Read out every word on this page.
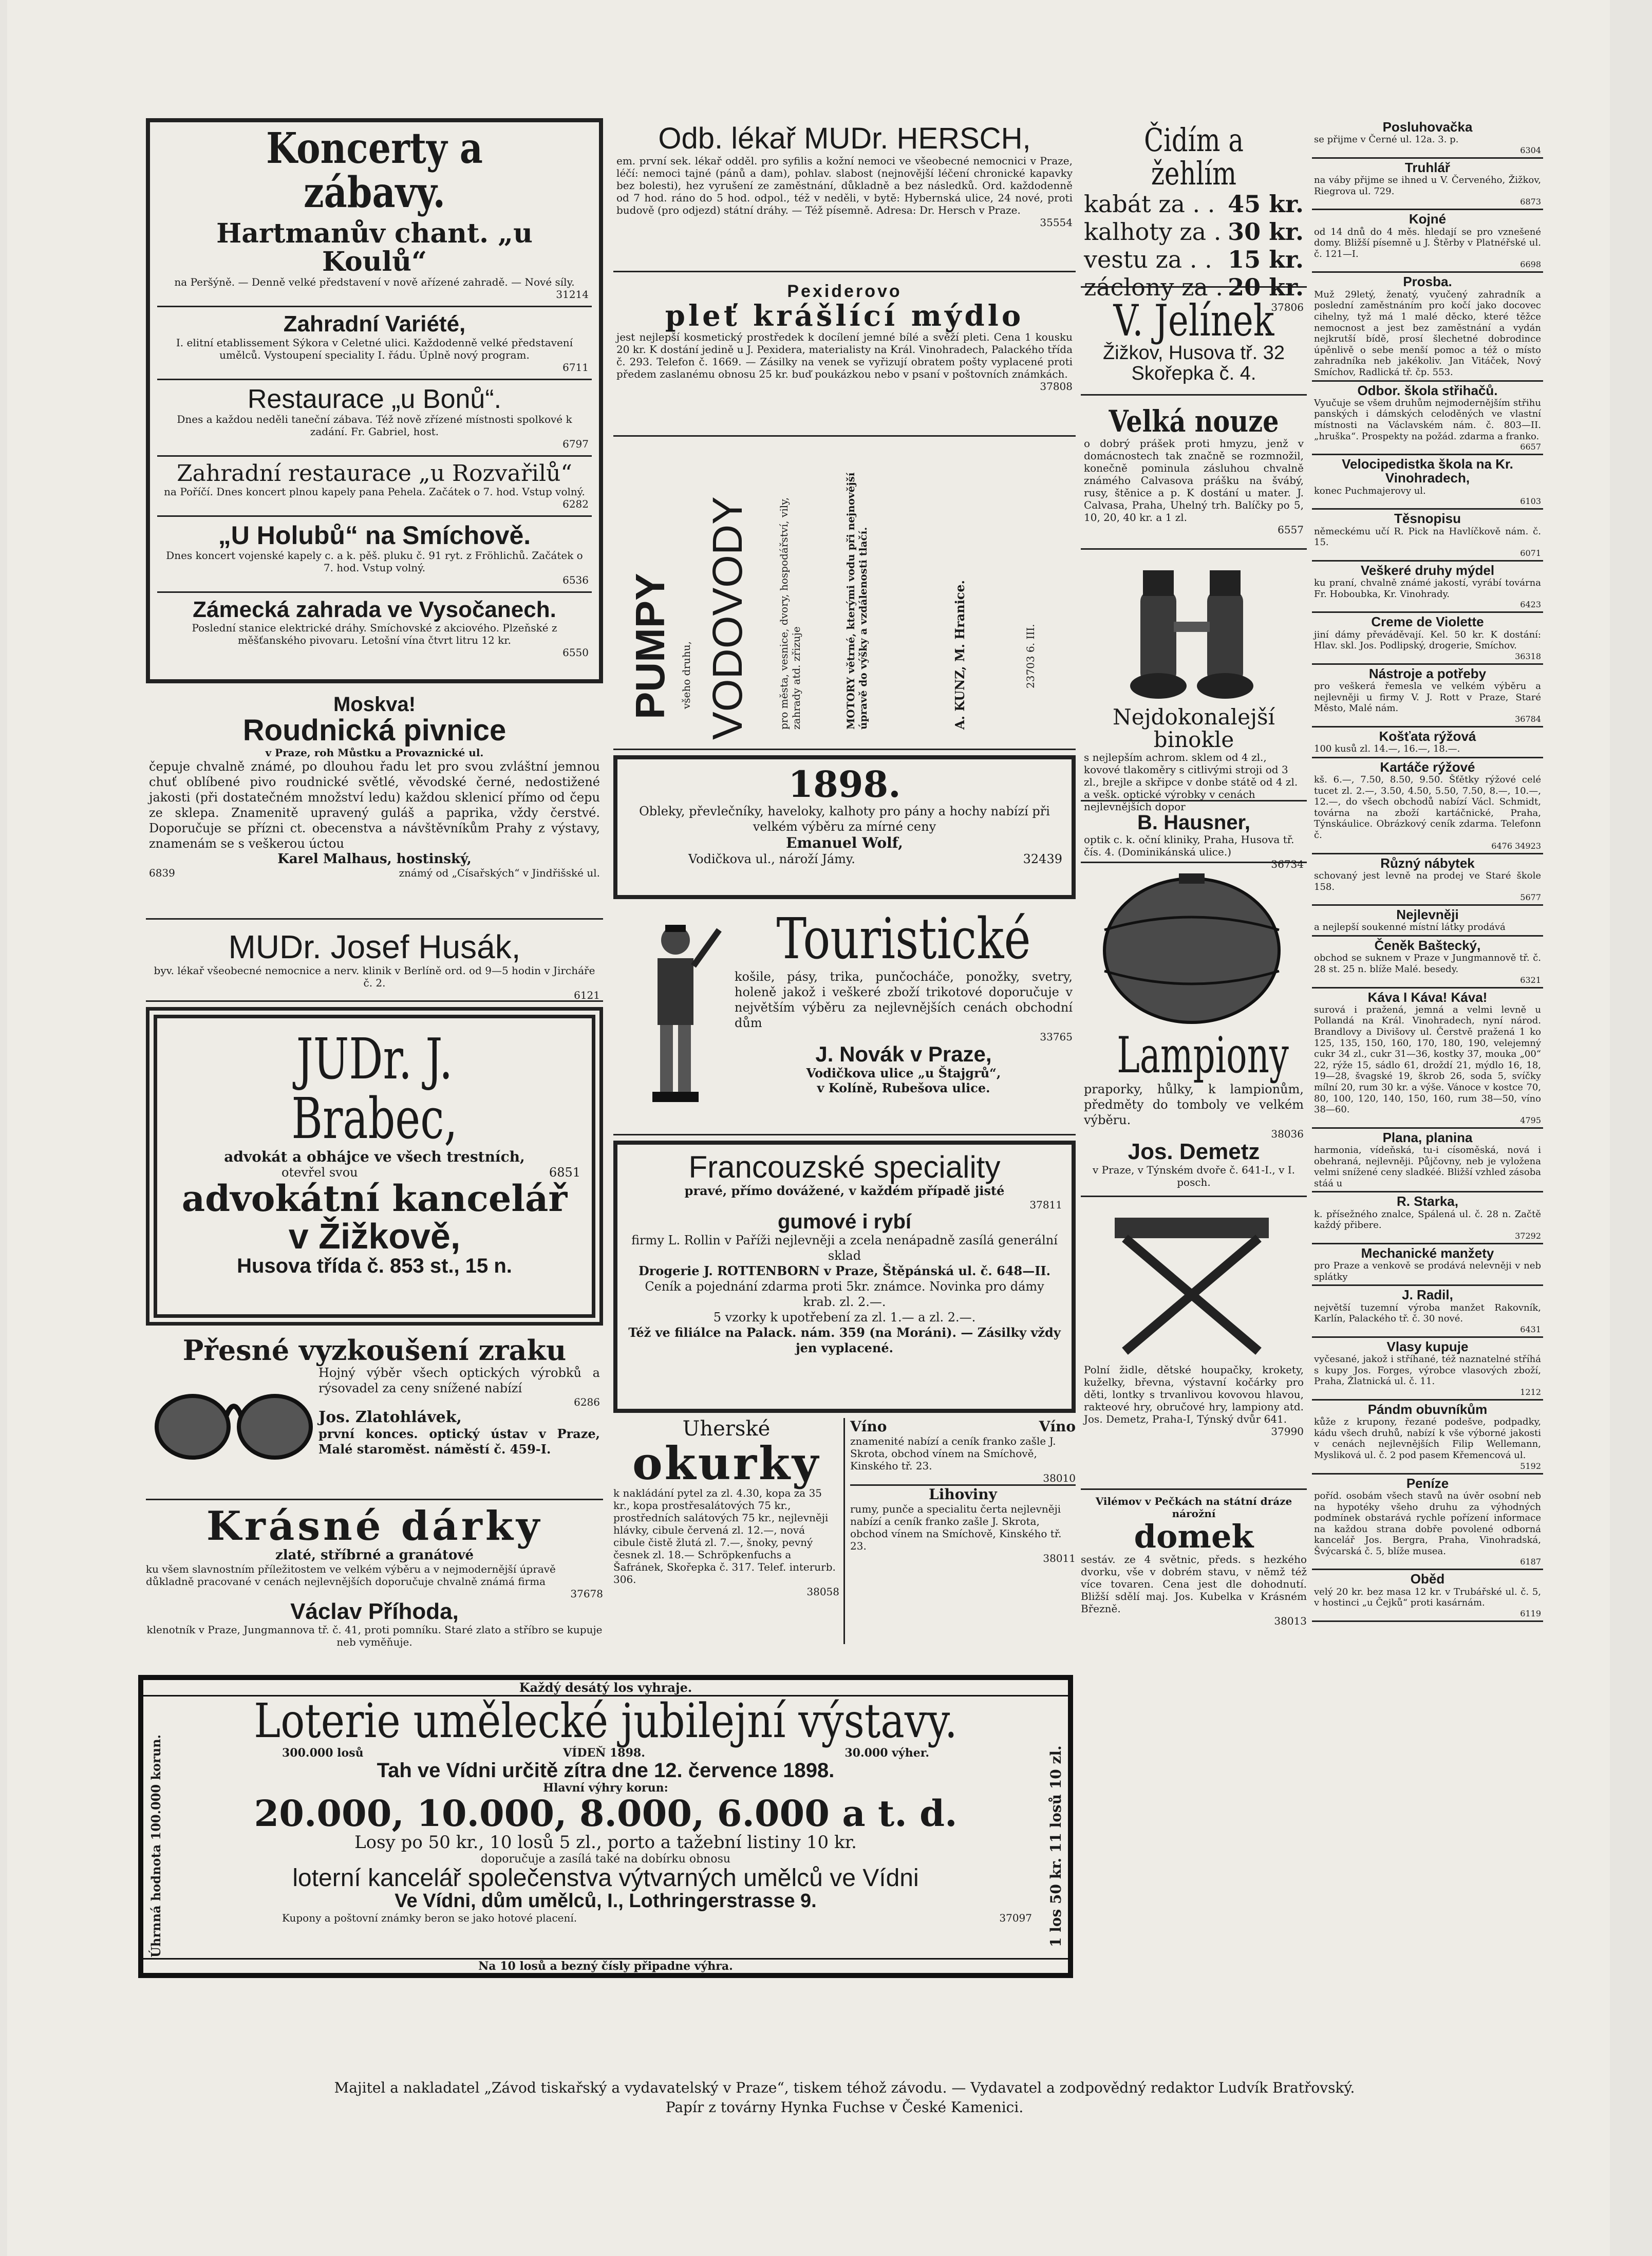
Koncerty a zábavy.
Hartmanův chant. „u Koulů“
na Peršýně. — Denně velké představení v nově ařízené zahradě. — Nové síly.
31214
Zahradní Variété,
I. elitní etablissement Sýkora v Celetné ulici. Každodenně velké představení umělců. Vystoupení speciality I. řádu. Úplně nový program.
6711
Restaurace „u Bonů“.
Dnes a každou neděli taneční zábava. Též nově zřízené místnosti spolkové k zadání. Fr. Gabriel, host.
6797
Zahradní restaurace „u Rozvařilů“
na Poříčí. Dnes koncert plnou kapely pana Pehela. Začátek o 7. hod. Vstup volný.
6282
„U Holubů“ na Smíchově.
Dnes koncert vojenské kapely c. a k. pěš. pluku č. 91 ryt. z Fröhlichů. Začátek o 7. hod. Vstup volný.
6536
Zámecká zahrada ve Vysočanech.
Poslední stanice elektrické dráhy. Smíchovské z akciového. Plzeňské z měšťanského pivovaru. Letošní vína čtvrt litru 12 kr.
6550
Moskva!
Roudnická pivnice
v Praze, roh Můstku a Provaznické ul.
čepuje chvalně známé, po dlouhou řadu let pro svou zvláštní jemnou chuť oblíbené pivo roudnické světlé, věvodské černé, nedostižené jakosti (při dostatečném množství ledu) každou sklenicí přímo od čepu ze sklepa. Znamenitě upravený guláš a paprika, vždy čerstvé. Doporučuje se přízni ct. obecenstva a návštěvníkům Prahy z výstavy, znamenám se s veškerou úctou
Karel Malhaus, hostinský,
6839	známý od „Císařských“ v Jindřišské ul.
MUDr. Josef Husák,
byv. lékař všeobecné nemocnice a nerv. klinik v Berlíně ord. od 9—5 hodin v Jircháře č. 2.
6121
JUDr. J. Brabec,
advokát a obhájce ve všech trestních,
otevřel svou	6851
advokátní kancelář
v Žižkově,
Husova třída č. 853 st., 15 n.
Přesné vyzkoušení zraku
Hojný výběr všech optických výrobků a rýsovadel za ceny snížené nabízí
6286
Jos. Zlatohlávek,
první konces. optický ústav v Praze, Malé staroměst. náměstí č. 459-I.
Krásné dárky
zlaté, stříbrné a granátové
ku všem slavnostním příležitostem ve velkém výběru a v nejmodernější úpravě důkladně pracované v cenách nejlevnějších doporučuje chvalně známá firma
37678
Václav Příhoda,
klenotník v Praze, Jungmannova tř. č. 41, proti pomníku. Staré zlato a stříbro se kupuje neb vyměňuje.
Odb. lékař MUDr. HERSCH,
em. první sek. lékař odděl. pro syfilis a kožní nemoci ve všeobecné nemocnici v Praze, léčí: nemoci tajné (pánů a dam), pohlav. slabost (nejnovější léčení chronické kapavky bez bolesti), hez vyrušení ze zaměstnání, důkladně a bez následků. Ord. každodenně od 7 hod. ráno do 5 hod. odpol., též v neděli, v bytě: Hybernská ulice, 24 nové, proti budově (pro odjezd) státní dráhy. — Též písemně. Adresa: Dr. Hersch v Praze.
35554
Pexiderovo
pleť krášlící mýdlo
jest nejlepší kosmetický prostředek k docílení jemné bílé a svěží pleti. Cena 1 kousku 20 kr. K dostání jedině u J. Pexidera, materialisty na Král. Vinohradech, Palackého třída č. 293. Telefon č. 1669. — Zásilky na venek se vyřizují obratem pošty vyplacené proti předem zaslanému obnosu 25 kr. buď poukázkou nebo v psaní v poštovních známkách.
37808
PUMPY všeho druhu, VODOVODY	pro města, vesnice, dvory, hospodářství, vily, zahrady atd. zřizuje	MOTORY větrné, kterými vodu při nejnovější úpravě do výšky a vzdálenosti tlačí.	A. KUNZ, M. Hranice.	23703 6. III.
1898.
Obleky, převlečníky, haveloky, kalhoty pro pány a hochy nabízí při velkém výběru za mírné ceny
Emanuel Wolf,
Vodičkova ul., nároží Jámy.	32439
Touristické
košile, pásy, trika, punčocháče, ponožky, svetry, holeně jakož i veškeré zboží trikotové doporučuje v největším výběru za nejlevnějších cenách obchodní dům
33765
J. Novák v Praze,
Vodičkova ulice „u Štajgrů“,
v Kolíně, Rubešova ulice.
Francouzské speciality
pravé, přímo dovážené, v každém případě jisté
37811
gumové i rybí
firmy L. Rollin v Paříži nejlevněji a zcela nenápadně zasílá generální sklad
Drogerie J. ROTTENBORN v Praze, Štěpánská ul. č. 648—II.
Ceník a pojednání zdarma proti 5kr. známce. Novinka pro dámy krab. zl. 2.—.
5 vzorky k upotřebení za zl. 1.— a zl. 2.—.
Též ve filiálce na Palack. nám. 359 (na Moráni). — Zásilky vždy jen vyplacené.
Uherské
okurky
k nakládání pytel za zl. 4.30, kopa za 35 kr., kopa prostřesalátových 75 kr., prostředních salátových 75 kr., nejlevněji hlávky, cibule červená zl. 12.—, nová cibule čistě žlutá zl. 7.—, šnoky, pevný česnek zl. 18.— Schröpkenfuchs a Šafránek, Skořepka č. 317. Telef. interurb. 306.
38058
Víno	Víno
znamenité nabízí a ceník franko zašle J. Skrota, obchod vínem na Smíchově, Kinského tř. 23.
38010
Lihoviny
rumy, punče a specialitu čerta nejlevněji nabízí a ceník franko zašle J. Skrota, obchod vínem na Smíchově, Kinského tř. 23.
38011
Čidím a žehlím
kabát za . . 45 kr.
kalhoty za . 30 kr.
vestu za . . 15 kr.
záclony za . 20 kr.
37806
V. Jelínek
Žižkov, Husova tř. 32
Skořepka č. 4.
Velká nouze
o dobrý prášek proti hmyzu, jenž v domácnostech tak značně se rozmnožil, konečně pominula zásluhou chvalně známého Calvasova prášku na švábý, rusy, štěnice a p. K dostání u mater. J. Calvasa, Praha, Uhelný trh. Balíčky po 5, 10, 20, 40 kr. a 1 zl.
6557
Nejdokonalejší binokle
s nejlepším achrom. sklem od 4 zl., kovové tlakoměry s citlivými stroji od 3 zl., brejle a skřipce v donbe státě od 4 zl. a vešk. optické výrobky v cenách nejlevnějších dopor
B. Hausner,
optik c. k. oční kliniky, Praha, Husova tř. čís. 4. (Dominikánská ulice.)
36734
Lampiony
praporky, hůlky, k lampionům, předměty do tomboly ve velkém výběru.
38036
Jos. Demetz
v Praze, v Týnském dvoře č. 641-I., v I. posch.
Polní židle, dětské houpačky, krokety, kuželky, břevna, výstavní kočárky pro děti, lontky s trvanlivou kovovou hlavou, rakteové hry, obručové hry, lampiony atd. Jos. Demetz, Praha-I, Týnský dvůr 641.
37990
Vilémov v Pečkách na státní dráze nárožní
domek
sestáv. ze 4 světnic, předs. s hezkého dvorku, vše v dobrém stavu, v němž též více tovaren. Cena jest dle dohodnutí. Bližší sdělí maj. Jos. Kubelka v Krásném Březně.
38013
Posluhovačka
se přijme v Černé ul. 12a. 3. p.
6304
Truhlář
na váby přijme se ihned u V. Červeného, Žižkov, Riegrova ul. 729.
6873
Kojné
od 14 dnů do 4 měs. hledají se pro vznešené domy. Bližší písemně u J. Štěrby v Platnéřské ul. č. 121—I.
6698
Prosba.
Muž 29letý, ženatý, vyučený zahradník a poslední zaměstnáním pro kočí jako docovec cihelny, tyž má 1 malé děcko, které těžce nemocnost a jest bez zaměstnání a vydán nejkrutší bídě, prosí šlechetné dobrodince úpěnlivě o sebe menší pomoc a též o místo zahradníka neb jakékoliv. Jan Vitáček, Nový Smíchov, Radlická tř. čp. 553.
Odbor. škola střihačů.
Vyučuje se všem druhům nejmodernějším střihu panských i dámských celoděných ve vlastní místnosti na Václavském nám. č. 803—II. „hruška“. Prospekty na požád. zdarma a franko.
6657
Velocipedistka škola na Kr. Vinohradech,
konec Puchmajerovy ul.
6103
Těsnopisu
německému učí R. Pick na Havlíčkově nám. č. 15.
6071
Veškeré druhy mýdel
ku praní, chvalně známé jakostí, vyrábí továrna Fr. Hoboubka, Kr. Vinohrady.
6423
Creme de Violette
jiní dámy převáděvají. Kel. 50 kr. K dostání: Hlav. skl. Jos. Podlipský, drogerie, Smíchov.
36318
Nástroje a potřeby
pro veškerá řemesla ve velkém výběru a nejlevněji u firmy V. J. Rott v Praze, Staré Město, Malé nám.
36784
Košťata rýžová
100 kusů zl. 14.—, 16.—, 18.—.
Kartáče rýžové
kš. 6.—, 7.50, 8.50, 9.50. Šťětky rýžové celé tucet zl. 2.—, 3.50, 4.50, 5.50, 7.50, 8.—, 10.—, 12.—, do všech obchodů nabízí Václ. Schmidt, továrna na zboží kartáčnické, Praha, Týnskáulice. Obrázkový ceník zdarma. Telefonn č.
6476 34923
Různý nábytek
schovaný jest levně na prodej ve Staré škole 158.
5677
Nejlevněji
a nejlepší soukenné místní látky prodává
Čeněk Baštecký,
obchod se suknem v Praze v Jungmannově tř. č. 28 st. 25 n. blíže Malé. besedy.
6321
Káva I Káva! Káva!
surová i pražená, jemná a velmi levně u Pollandá na Král. Vinohradech, nyní národ. Brandlovy a Divišovy ul. Čerstvě pražená 1 ko 125, 135, 150, 160, 170, 180, 190, velejemný cukr 34 zl., cukr 31—36, kostky 37, mouka „00“ 22, rýže 15, sádlo 61, droždí 21, mýdlo 16, 18, 19—28, švagské 19, škrob 26, soda 5, svíčky mílní 20, rum 30 kr. a výše. Vánoce v kostce 70, 80, 100, 120, 140, 150, 160, rum 38—50, víno 38—60.
4795
Plana, planina
harmonia, vídeňská, tu-i císoměská, nová i obehraná, nejlevněji. Půjčovny, neb je vyložena velmi snížené ceny sladkéé. Bližší vzhled zásoba stáá u
R. Starka,
k. přísežného znalce, Spálená ul. č. 28 n. Začtě každý přibere.
37292
Mechanické manžety
pro Praze a venkově se prodává nelevněji v neb splátky
J. Radil,
největší tuzemní výroba manžet Rakovník, Karlín, Palackého tř. č. 30 nové.
6431
Vlasy kupuje
vyčesané, jakož i stříhané, též naznatelné stříhá s kupy Jos. Forges, výrobce vlasových zboží, Praha, Žlatnická ul. č. 11.
1212
Pándm obuvníkům
kůže z krupony, řezané podešve, podpadky, kádu všech druhů, nabízí k vše výborné jakosti v cenách nejlevnějších Filip Wellemann, Mysliková ul. č. 2 pod pasem Křemencová ul.
5192
Peníze
poříd. osobám všech stavů na úvěr osobní neb na hypotéky všeho druhu za výhodných podmínek obstarává rychle pořízení informace na každou strana dobře povolené odborná kancelář Jos. Bergra, Praha, Vinohradská, Švýcarská č. 5, blíže musea.
6187
Oběd
velý 20 kr. bez masa 12 kr. v Trubářské ul. č. 5, v hostinci „u Čejků“ proti kasárnám.
6119
Každý desátý los vyhraje.
Úhrnná hodnota 100.000 korun.	1 los 50 kr. 11 losů 10 zl.
Loterie umělecké jubilejní výstavy.
300.000 losů	VÍDEŇ 1898.	30.000 výher.
Tah ve Vídni určitě zítra dne 12. července 1898.
Hlavní výhry korun:
20.000, 10.000, 8.000, 6.000 a t. d.
Losy po 50 kr., 10 losů 5 zl., porto a tažební listiny 10 kr.
doporučuje a zasílá také na dobírku obnosu
loterní kancelář společenstva výtvarných umělců ve Vídni
Ve Vídni, dům umělců, I., Lothringerstrasse 9.
Kupony a poštovní známky beron se jako hotové placení.	37097
Na 10 losů a bezný čísly připadne výhra.
Majitel a nakladatel „Závod tiskařský a vydavatelský v Praze“, tiskem téhož závodu. — Vydavatel a zodpovědný redaktor Ludvík Bratřovský.
Papír z továrny Hynka Fuchse v České Kamenici.
